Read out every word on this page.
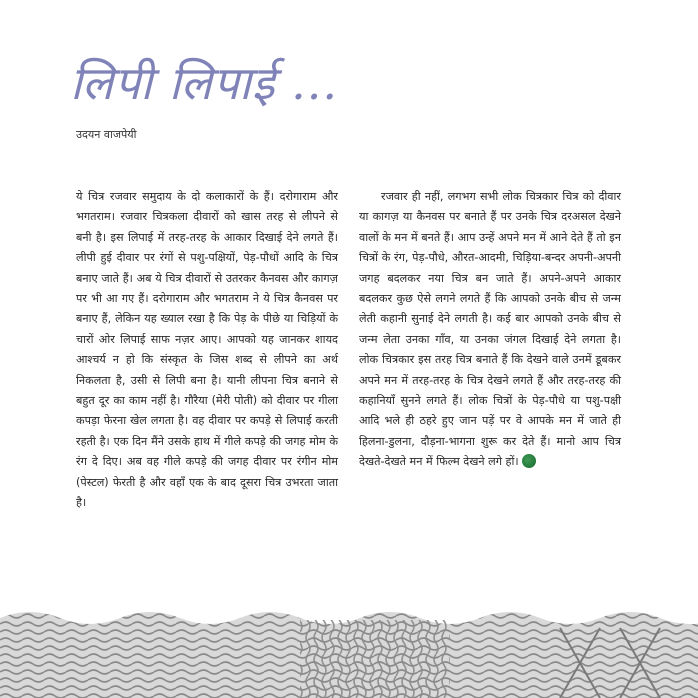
लिपी लिपाई ...
उदयन वाजपेयी

ये चित्र रजवार समुदाय के दो कलाकारों के हैं। दरोगाराम और भगतराम। रजवार चित्रकला दीवारों को खास तरह से लीपने से बनी है। इस लिपाई में तरह-तरह के आकार दिखाई देने लगते हैं। लीपी हुई दीवार पर रंगों से पशु-पक्षियों, पेड़-पौधों आदि के चित्र बनाए जाते हैं। अब ये चित्र दीवारों से उतरकर कैनवस और कागज़ पर भी आ गए हैं। दरोगाराम और भगतराम ने ये चित्र कैनवस पर बनाए हैं, लेकिन यह ख्याल रखा है कि पेड़ के पीछे या चिड़ियों के चारों ओर लिपाई साफ नज़र आए। आपको यह जानकर शायद आश्चर्य न हो कि संस्कृत के जिस शब्द से लीपने का अर्थ निकलता है, उसी से लिपी बना है। यानी लीपना चित्र बनाने से बहुत दूर का काम नहीं है। गौरैया (मेरी पोती) को दीवार पर गीला कपड़ा फेरना खेल लगता है। वह दीवार पर कपड़े से लिपाई करती रहती है। एक दिन मैंने उसके हाथ में गीले कपड़े की जगह मोम के रंग दे दिए। अब वह गीले कपड़े की जगह दीवार पर रंगीन मोम (पेस्टल) फेरती है और वहाँ एक के बाद दूसरा चित्र उभरता जाता है।

रजवार ही नहीं, लगभग सभी लोक चित्रकार चित्र को दीवार या कागज़ या कैनवस पर बनाते हैं पर उनके चित्र दरअसल देखने वालों के मन में बनते हैं। आप उन्हें अपने मन में आने देते हैं तो इन चित्रों के रंग, पेड़-पौधे, औरत-आदमी, चिड़िया-बन्दर अपनी-अपनी जगह बदलकर नया चित्र बन जाते हैं। अपने-अपने आकार बदलकर कुछ ऐसे लगने लगते हैं कि आपको उनके बीच से जन्म लेती कहानी सुनाई देने लगती है। कई बार आपको उनके बीच से जन्म लेता उनका गाँव, या उनका जंगल दिखाई देने लगता है। लोक चित्रकार इस तरह चित्र बनाते हैं कि देखने वाले उनमें डूबकर अपने मन में तरह-तरह के चित्र देखने लगते हैं और तरह-तरह की कहानियाँ सुनने लगते हैं। लोक चित्रों के पेड़-पौधे या पशु-पक्षी आदि भले ही ठहरे हुए जान पड़ें पर वे आपके मन में जाते ही हिलना-डुलना, दौड़ना-भागना शुरू कर देते हैं। मानो आप चित्र देखते-देखते मन में फिल्म देखने लगे हों।
